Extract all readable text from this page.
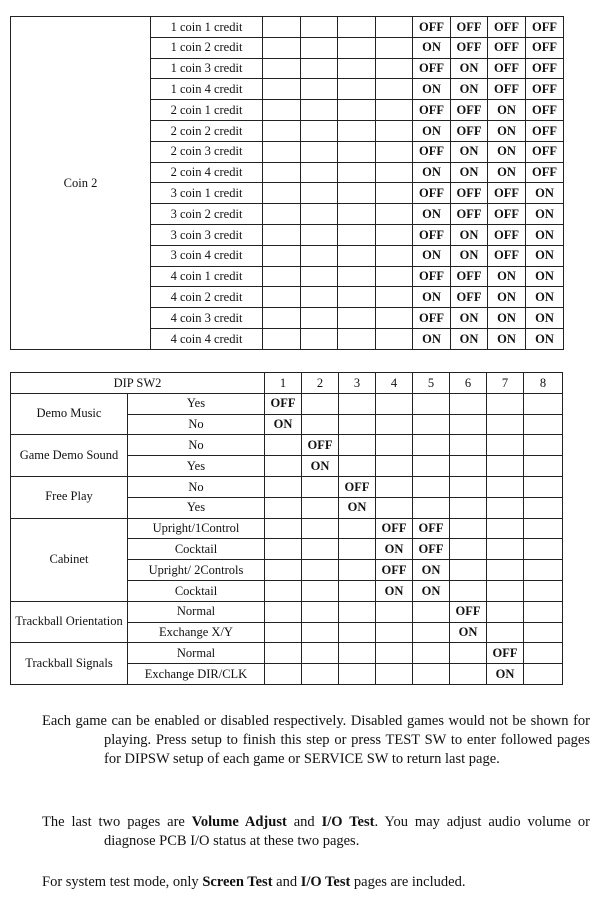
Coin 2	1 coin 1 credit					OFF	OFF	OFF	OFF
	1 coin 2 credit					ON	OFF	OFF	OFF
	1 coin 3 credit					OFF	ON	OFF	OFF
	1 coin 4 credit					ON	ON	OFF	OFF
	2 coin 1 credit					OFF	OFF	ON	OFF
	2 coin 2 credit					ON	OFF	ON	OFF
	2 coin 3 credit					OFF	ON	ON	OFF
	2 coin 4 credit					ON	ON	ON	OFF
	3 coin 1 credit					OFF	OFF	OFF	ON
	3 coin 2 credit					ON	OFF	OFF	ON
	3 coin 3 credit					OFF	ON	OFF	ON
	3 coin 4 credit					ON	ON	OFF	ON
	4 coin 1 credit					OFF	OFF	ON	ON
	4 coin 2 credit					ON	OFF	ON	ON
	4 coin 3 credit					OFF	ON	ON	ON
	4 coin 4 credit					ON	ON	ON	ON
DIP SW2		1	2	3	4	5	6	7	8
Demo Music	Yes	OFF							
	No	ON							
Game Demo Sound	No		OFF						
	Yes		ON						
Free Play	No			OFF					
	Yes			ON					
Cabinet	Upright/1Control				OFF	OFF			
	Cocktail				ON	OFF			
	Upright/ 2Controls				OFF	ON			
	Cocktail				ON	ON			
Trackball Orientation	Normal						OFF		
	Exchange X/Y						ON		
Trackball Signals	Normal							OFF	
	Exchange DIR/CLK							ON	

Each game can be enabled or disabled respectively. Disabled games would not be shown for playing. Press setup to finish this step or press TEST SW to enter followed pages for DIPSW setup of each game or SERVICE SW to return last page.

The last two pages are Volume Adjust and I/O Test. You may adjust audio volume or diagnose PCB I/O status at these two pages.

For system test mode, only Screen Test and I/O Test pages are included.
